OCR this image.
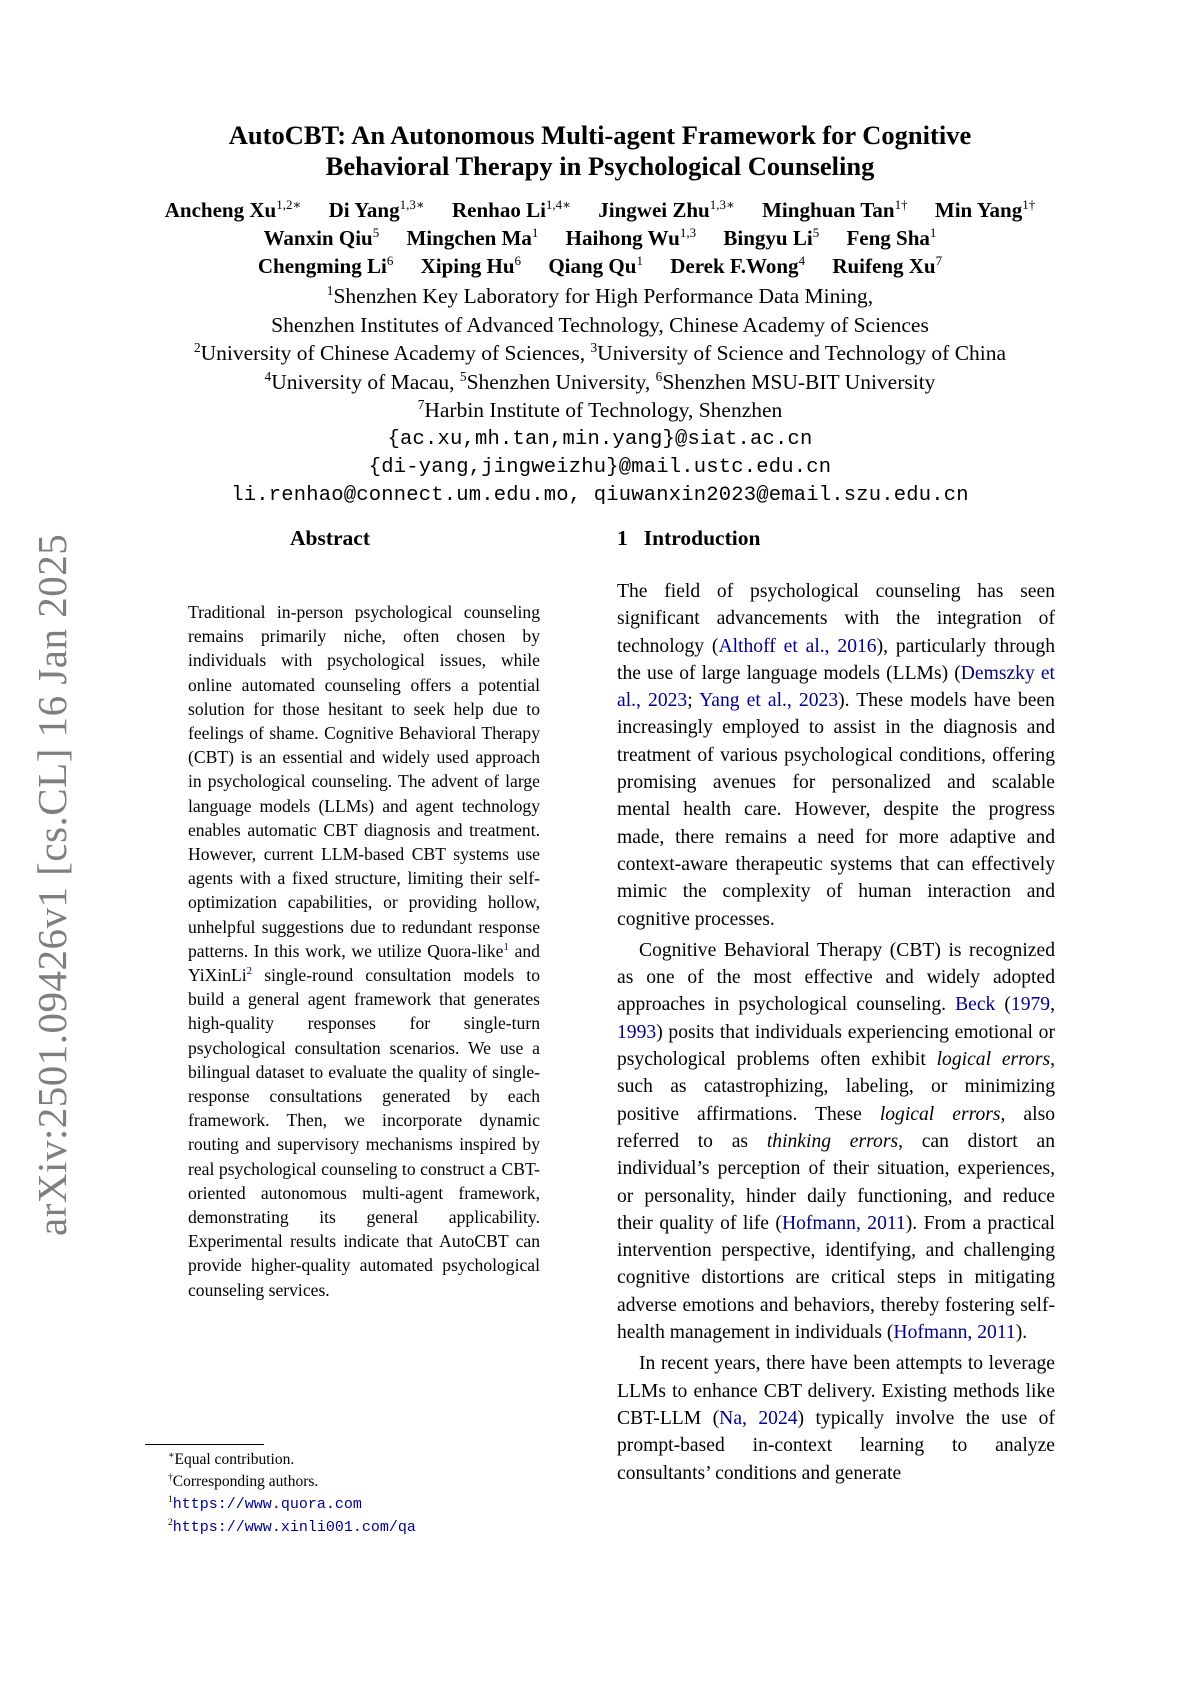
arXiv:2501.09426v1 [cs.CL] 16 Jan 2025
AutoCBT: An Autonomous Multi-agent Framework for Cognitive
Behavioral Therapy in Psychological Counseling
Ancheng $Xu^{1,2∗}$ Di Yang$^{1,3∗}$ Renhao $Li^{1,4∗}$ Jingwei Zhu$^{1,3∗}$ Minghuan Tan$^{1\dagger}$ Min Yang$^{1\dagger}$
Wanxin Qiu$^5$ Mingchen Ma$^1$ Haihong Wu$^{1,3}$ Bingyu Li$^5$ Feng Sha$^1$
Chengming Li$^6$ Xiping Hu$^6$ Qiang Qu$^1$ Derek F.Wong$^4$ Ruifeng Xu$^7$
$^1$Shenzhen Key Laboratory for High Performance Data Mining,
Shenzhen Institutes of Advanced Technology, Chinese Academy of Sciences
$^2$University of Chinese Academy of Sciences, $^3$University of Science and Technology of China
$^4$University of Macau, $^5$Shenzhen University, $^6$Shenzhen MSU-BIT University
$^7$Harbin Institute of Technology, Shenzhen
{ac.xu,mh.tan,min.yang}@siat.ac.cn
{di-yang,jingweizhu}@mail.ustc.edu.cn
li.renhao@connect.um.edu.mo, qiuwanxin2023@email.szu.edu.cn
Abstract
Traditional in-person psychological counseling remains primarily niche, often chosen by individuals with psychological issues, while online automated counseling offers a potential solution for those hesitant to seek help due to feelings of shame. Cognitive Behavioral Therapy (CBT) is an essential and widely used approach in psychological counseling. The advent of large language models (LLMs) and agent technology enables automatic CBT diagnosis and treatment. However, current LLM-based CBT systems use agents with a fixed structure, limiting their self-optimization capabilities, or providing hollow, unhelpful suggestions due to redundant response patterns. In this work, we utilize Quora-like$^1$ and YiXinLi$^2$ single-round consultation models to build a general agent framework that generates high-quality responses for single-turn psychological consultation scenarios. We use a bilingual dataset to evaluate the quality of single-response consultations generated by each framework. Then, we incorporate dynamic routing and supervisory mechanisms inspired by real psychological counseling to construct a CBT-oriented autonomous multi-agent framework, demonstrating its general applicability. Experimental results indicate that AutoCBT can provide higher-quality automated psychological counseling services.
1 Introduction

The field of psychological counseling has seen significant advancements with the integration of technology (Althoff et al., 2016), particularly through the use of large language models (LLMs) (Demszky et al., 2023; Yang et al., 2023). These models have been increasingly employed to assist in the diagnosis and treatment of various psychological conditions, offering promising avenues for personalized and scalable mental health care. However, despite the progress made, there remains a need for more adaptive and context-aware therapeutic systems that can effectively mimic the complexity of human interaction and cognitive processes.

Cognitive Behavioral Therapy (CBT) is recognized as one of the most effective and widely adopted approaches in psychological counseling. Beck (1979, 1993) posits that individuals experiencing emotional or psychological problems often exhibit logical errors, such as catastrophizing, labeling, or minimizing positive affirmations. These logical errors, also referred to as thinking errors, can distort an individual’s perception of their situation, experiences, or personality, hinder daily functioning, and reduce their quality of life (Hofmann, 2011). From a practical intervention perspective, identifying, and challenging cognitive distortions are critical steps in mitigating adverse emotions and behaviors, thereby fostering self-health management in individuals (Hofmann, 2011).

In recent years, there have been attempts to leverage LLMs to enhance CBT delivery. Existing methods like CBT-LLM (Na, 2024) typically involve the use of prompt-based in-context learning to analyze consultants’ conditions and generate

∗Equal contribution.
†Corresponding authors.
$^1$https://www.quora.com
$^2$https://www.xinli001.com/qa
